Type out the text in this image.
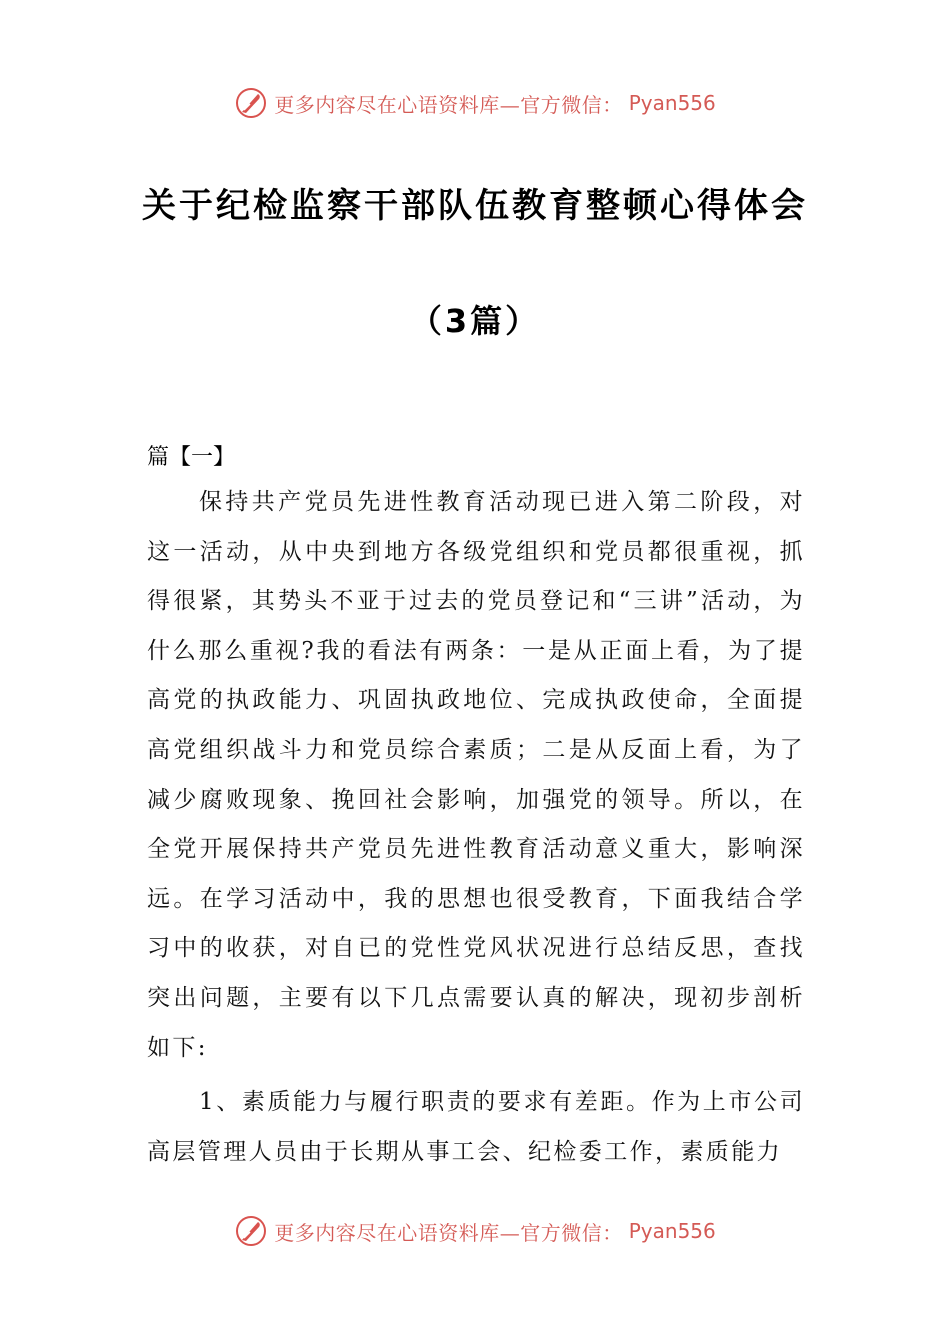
更多内容尽在心语资料库—官方微信： Pyan556
关于纪检监察干部队伍教育整顿心得体会
（3篇）
篇【一】

保持共产党员先进性教育活动现已进入第二阶段，对这一活动，从中央到地方各级党组织和党员都很重视，抓得很紧，其势头不亚于过去的党员登记和“三讲”活动，为什么那么重视?我的看法有两条：一是从正面上看，为了提高党的执政能力、巩固执政地位、完成执政使命，全面提高党组织战斗力和党员综合素质；二是从反面上看，为了减少腐败现象、挽回社会影响，加强党的领导。所以，在全党开展保持共产党员先进性教育活动意义重大，影响深远。在学习活动中，我的思想也很受教育，下面我结合学习中的收获，对自已的党性党风状况进行总结反思，查找突出问题，主要有以下几点需要认真的解决，现初步剖析如下:

1、素质能力与履行职责的要求有差距。作为上市公司高层管理人员由于长期从事工会、纪检委工作，素质能力

更多内容尽在心语资料库—官方微信： Pyan556
